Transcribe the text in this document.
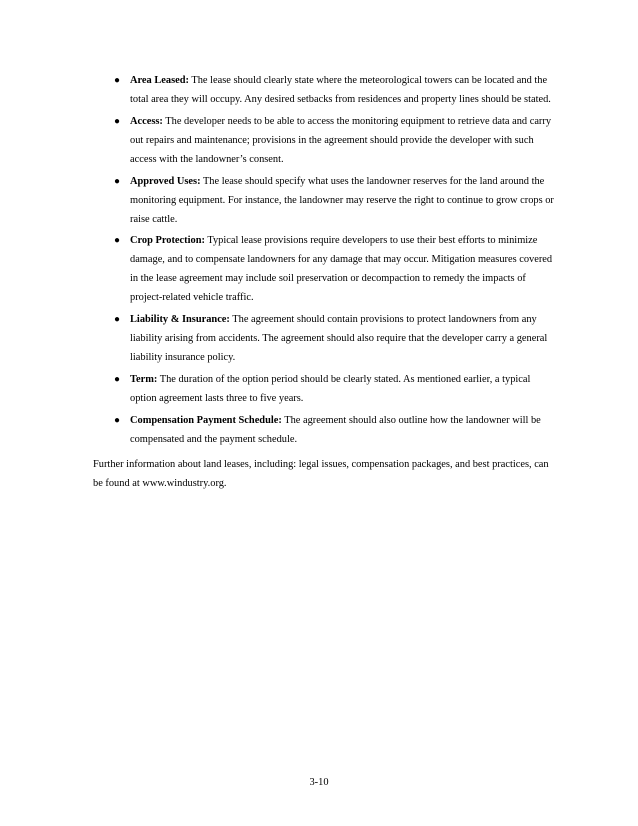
● Area Leased: The lease should clearly state where the meteorological towers can be located and the total area they will occupy. Any desired setbacks from residences and property lines should be stated.
● Access: The developer needs to be able to access the monitoring equipment to retrieve data and carry out repairs and maintenance; provisions in the agreement should provide the developer with such access with the landowner’s consent.
● Approved Uses: The lease should specify what uses the landowner reserves for the land around the monitoring equipment. For instance, the landowner may reserve the right to continue to grow crops or raise cattle.
● Crop Protection: Typical lease provisions require developers to use their best efforts to minimize damage, and to compensate landowners for any damage that may occur. Mitigation measures covered in the lease agreement may include soil preservation or decompaction to remedy the impacts of project-related vehicle traffic.
● Liability & Insurance: The agreement should contain provisions to protect landowners from any liability arising from accidents. The agreement should also require that the developer carry a general liability insurance policy.
● Term: The duration of the option period should be clearly stated. As mentioned earlier, a typical option agreement lasts three to five years.
● Compensation Payment Schedule: The agreement should also outline how the landowner will be compensated and the payment schedule.

Further information about land leases, including: legal issues, compensation packages, and best practices, can be found at www.windustry.org.

3-10
